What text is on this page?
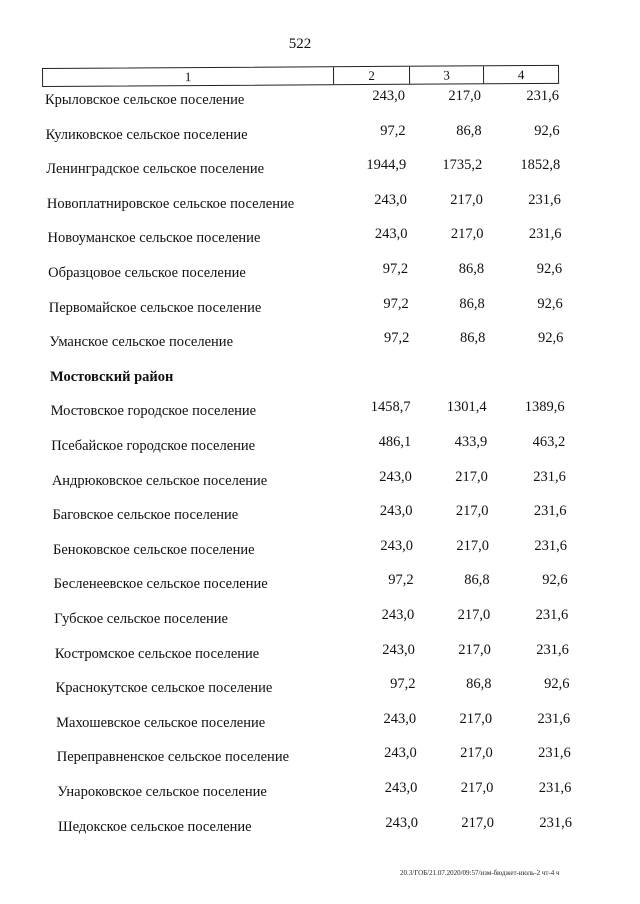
522
1	2	3	4
Крыловское сельское поселение	243,0	217,0	231,6
Куликовское сельское поселение	97,2	86,8	92,6
Ленинградское сельское поселение	1944,9	1735,2	1852,8
Новоплатнировское сельское поселение	243,0	217,0	231,6
Новоуманское сельское поселение	243,0	217,0	231,6
Образцовое сельское поселение	97,2	86,8	92,6
Первомайское сельское поселение	97,2	86,8	92,6
Уманское сельское поселение	97,2	86,8	92,6
Мостовский район
Мостовское городское поселение	1458,7	1301,4	1389,6
Псебайское городское поселение	486,1	433,9	463,2
Андрюковское сельское поселение	243,0	217,0	231,6
Баговское сельское поселение	243,0	217,0	231,6
Беноковское сельское поселение	243,0	217,0	231,6
Бесленеевское сельское поселение	97,2	86,8	92,6
Губское сельское поселение	243,0	217,0	231,6
Костромское сельское поселение	243,0	217,0	231,6
Краснокутское сельское поселение	97,2	86,8	92,6
Махошевское сельское поселение	243,0	217,0	231,6
Переправненское сельское поселение	243,0	217,0	231,6
Унароковское сельское поселение	243,0	217,0	231,6
Шедокское сельское поселение	243,0	217,0	231,6
20.3/ГОБ/21.07.2020/09:57/изм-бюджет-июль-2 чт-4 ч
